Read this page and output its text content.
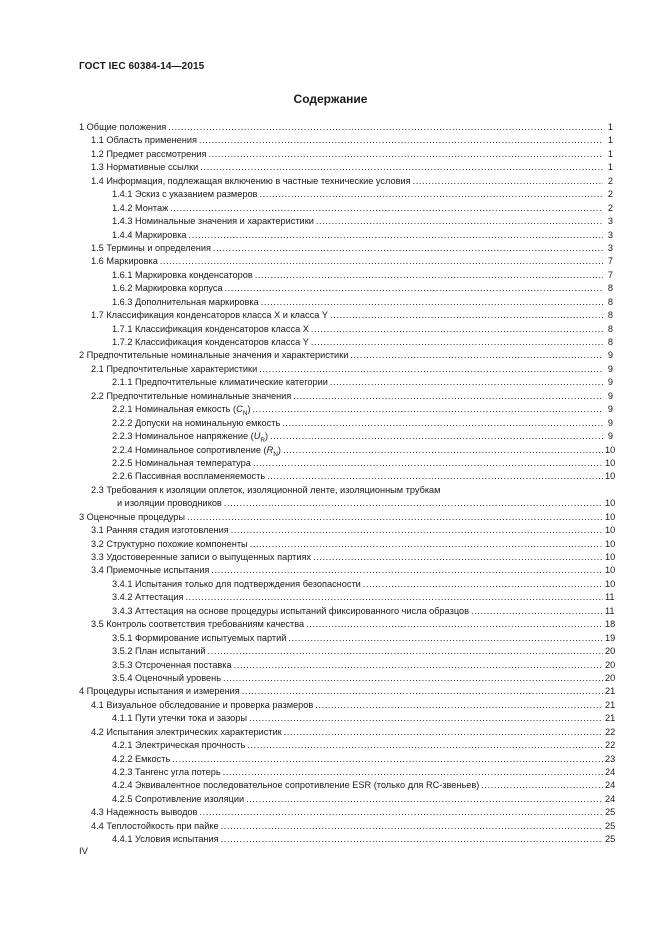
ГОСТ IEC 60384-14—2015
Содержание
1 Общие положения .....	1
1.1 Область применения .....	1
1.2 Предмет рассмотрения .....	1
1.3 Нормативные ссылки .....	1
1.4 Информация, подлежащая включению в частные технические условия .....	2
1.4.1 Эскиз с указанием размеров .....	2
1.4.2 Монтаж .....	2
1.4.3 Номинальные значения и характеристики .....	3
1.4.4 Маркировка .....	3
1.5 Термины и определения .....	3
1.6 Маркировка .....	7
1.6.1 Маркировка конденсаторов .....	7
1.6.2 Маркировка корпуса .....	8
1.6.3 Дополнительная маркировка .....	8
1.7 Классификация конденсаторов класса X и класса Y .....	8
1.7.1 Классификация конденсаторов класса X .....	8
1.7.2 Классификация конденсаторов класса Y .....	8
2 Предпочтительные номинальные значения и характеристики .....	9
2.1 Предпочтительные характеристики .....	9
2.1.1 Предпочтительные климатические категории .....	9
2.2 Предпочтительные номинальные значения .....	9
2.2.1 Номинальная емкость $(C_N)$ .....	9
2.2.2 Допуски на номинальную емкость .....	9
2.2.3 Номинальное напряжение $(U_R)$ .....	9
2.2.4 Номинальное сопротивление $(R_N)$ .....	10
2.2.5 Номинальная температура .....	10
2.2.6 Пассивная воспламеняемость .....	10
2.3 Требования к изоляции оплеток, изоляционной ленте, изоляционным трубкам
и изоляции проводников .....	10
3 Оценочные процедуры .....	10
3.1 Ранняя стадия изготовления .....	10
3.2 Структурно похожие компоненты .....	10
3.3 Удостоверенные записи о выпущенных партиях .....	10
3.4 Приемочные испытания .....	10
3.4.1 Испытания только для подтверждения безопасности .....	10
3.4.2 Аттестация .....	11
3.4.3 Аттестация на основе процедуры испытаний фиксированного числа образцов .....	11
3.5 Контроль соответствия требованиям качества .....	18
3.5.1 Формирование испытуемых партий .....	19
3.5.2 План испытаний .....	20
3.5.3 Отсроченная поставка .....	20
3.5.4 Оценочный уровень .....	20
4 Процедуры испытания и измерения .....	21
4.1 Визуальное обследование и проверка размеров .....	21
4.1.1 Пути утечки тока и зазоры .....	21
4.2 Испытания электрических характеристик .....	22
4.2.1 Электрическая прочность .....	22
4.2.2 Емкость .....	23
4.2.3 Тангенс угла потерь .....	24
4.2.4 Эквивалентное последовательное сопротивление ESR (только для RC-звеньев) .....	24
4.2.5 Сопротивление изоляции .....	24
4.3 Надежность выводов .....	25
4.4 Теплостойкость при пайке .....	25
4.4.1 Условия испытания .....	25
IV
